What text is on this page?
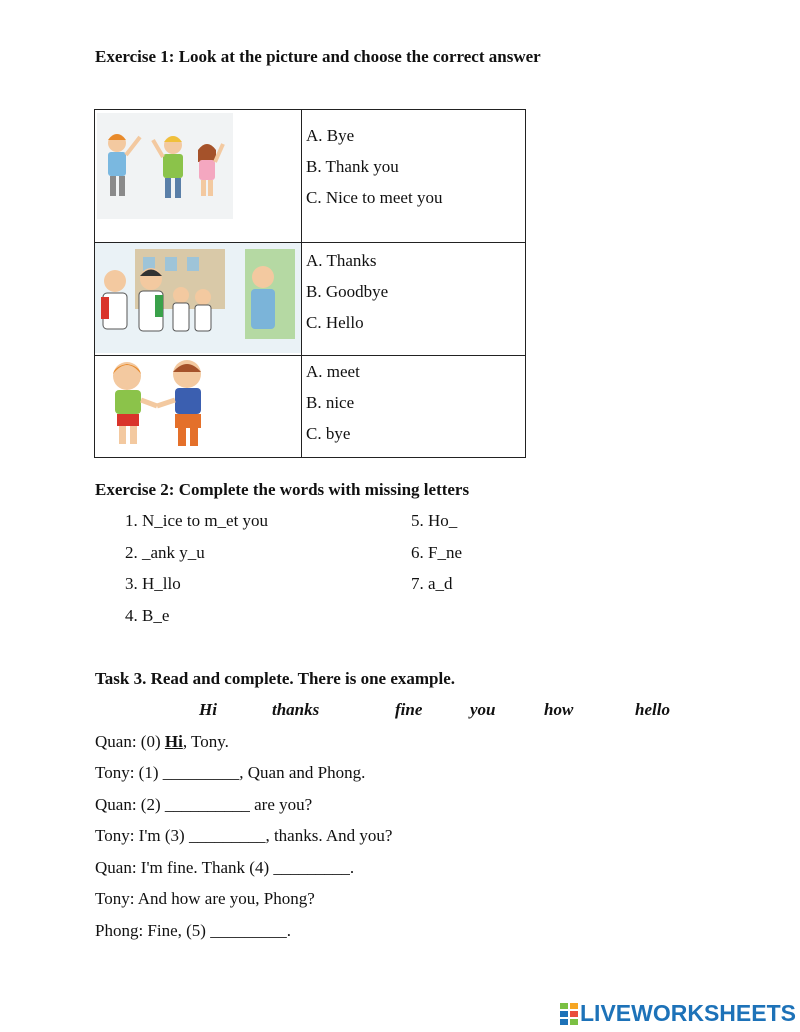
Exercise 1: Look at the picture and choose the correct answer

A. Bye
B. Thank you
C. Nice to meet you

A. Thanks
B. Goodbye
C. Hello

A. meet
B. nice
C. bye
Exercise 2: Complete the words with missing letters
1. N_ice to m_et you
2. _ank y_u
3. H_llo
4. B_e
5. Ho_
6. F_ne
7. a_d
Task 3. Read and complete. There is one example.
Hi	thanks	fine	you	how	hello
Quan: (0) Hi, Tony.
Tony: (1) _________, Quan and Phong.
Quan: (2) __________ are you?
Tony: I'm (3) _________, thanks. And you?
Quan: I'm fine. Thank (4) _________.
Tony: And how are you, Phong?
Phong: Fine, (5) _________.
LIVEWORKSHEETS
